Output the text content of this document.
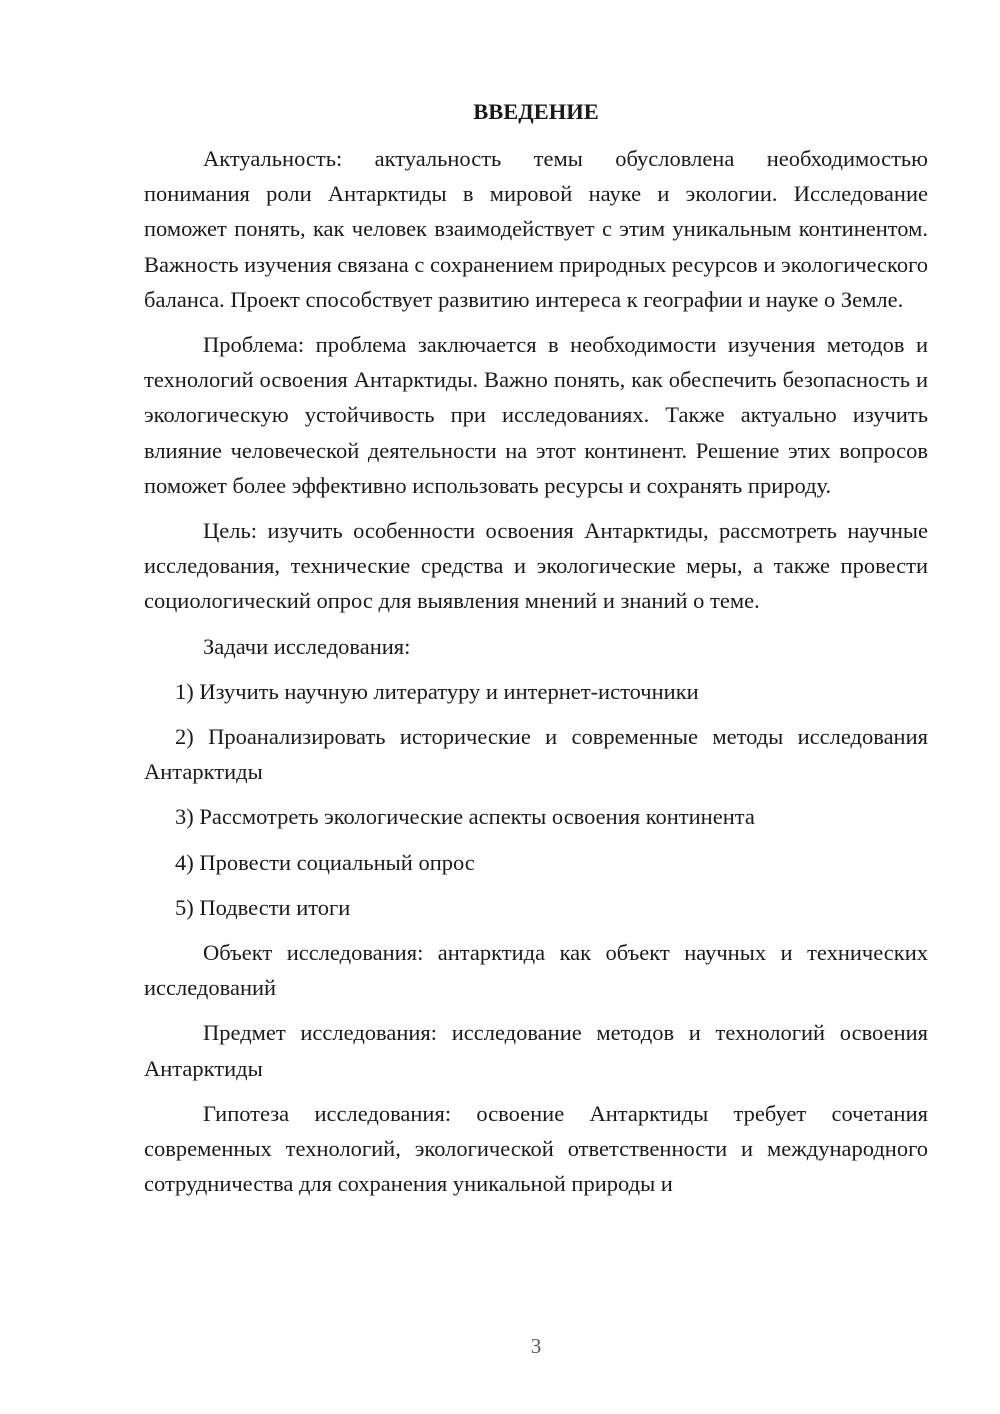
ВВЕДЕНИЕ

Актуальность: актуальность темы обусловлена необходимостью понимания роли Антарктиды в мировой науке и экологии. Исследование поможет понять, как человек взаимодействует с этим уникальным континентом. Важность изучения связана с сохранением природных ресурсов и экологического баланса. Проект способствует развитию интереса к географии и науке о Земле.

Проблема: проблема заключается в необходимости изучения методов и технологий освоения Антарктиды. Важно понять, как обеспечить безопасность и экологическую устойчивость при исследованиях. Также актуально изучить влияние человеческой деятельности на этот континент. Решение этих вопросов поможет более эффективно использовать ресурсы и сохранять природу.

Цель: изучить особенности освоения Антарктиды, рассмотреть научные исследования, технические средства и экологические меры, а также провести социологический опрос для выявления мнений и знаний о теме.

Задачи исследования:

1) Изучить научную литературу и интернет-источники

2) Проанализировать исторические и современные методы исследования Антарктиды

3) Рассмотреть экологические аспекты освоения континента

4) Провести социальный опрос

5) Подвести итоги

Объект исследования: антарктида как объект научных и технических исследований

Предмет исследования: исследование методов и технологий освоения Антарктиды

Гипотеза исследования: освоение Антарктиды требует сочетания современных технологий, экологической ответственности и международного сотрудничества для сохранения уникальной природы и

3
